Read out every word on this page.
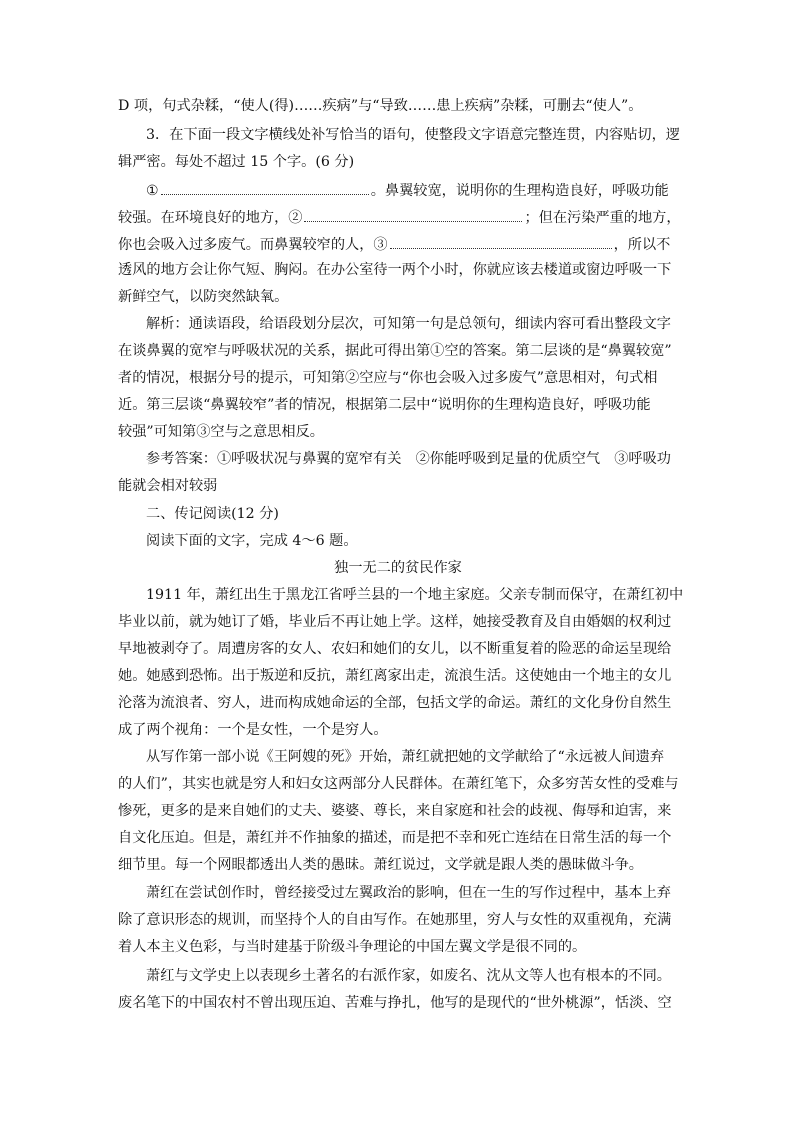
D 项，句式杂糅，“使人(得)……疾病”与“导致……患上疾病”杂糅，可删去“使人”。
3．在下面一段文字横线处补写恰当的语句，使整段文字语意完整连贯，内容贴切，逻
辑严密。每处不超过 15 个字。(6 分)
①	。鼻翼较宽，说明你的生理构造良好，呼吸功能
较强。在环境良好的地方，②	；但在污染严重的地方，
你也会吸入过多废气。而鼻翼较窄的人，③	，所以不
透风的地方会让你气短、胸闷。在办公室待一两个小时，你就应该去楼道或窗边呼吸一下
新鲜空气，以防突然缺氧。
解析：通读语段，给语段划分层次，可知第一句是总领句，细读内容可看出整段文字
在谈鼻翼的宽窄与呼吸状况的关系，据此可得出第①空的答案。第二层谈的是“鼻翼较宽”
者的情况，根据分号的提示，可知第②空应与“你也会吸入过多废气”意思相对，句式相
近。第三层谈“鼻翼较窄”者的情况，根据第二层中“说明你的生理构造良好，呼吸功能
较强”可知第③空与之意思相反。
参考答案：①呼吸状况与鼻翼的宽窄有关　②你能呼吸到足量的优质空气　③呼吸功
能就会相对较弱
二、传记阅读(12 分)
阅读下面的文字，完成 4～6 题。
独一无二的贫民作家
1911 年，萧红出生于黑龙江省呼兰县的一个地主家庭。父亲专制而保守，在萧红初中
毕业以前，就为她订了婚，毕业后不再让她上学。这样，她接受教育及自由婚姻的权利过
早地被剥夺了。周遭房客的女人、农妇和她们的女儿，以不断重复着的险恶的命运呈现给
她。她感到恐怖。出于叛逆和反抗，萧红离家出走，流浪生活。这使她由一个地主的女儿
沦落为流浪者、穷人，进而构成她命运的全部，包括文学的命运。萧红的文化身份自然生
成了两个视角：一个是女性，一个是穷人。
从写作第一部小说《王阿嫂的死》开始，萧红就把她的文学献给了“永远被人间遗弃
的人们”，其实也就是穷人和妇女这两部分人民群体。在萧红笔下，众多穷苦女性的受难与
惨死，更多的是来自她们的丈夫、婆婆、尊长，来自家庭和社会的歧视、侮辱和迫害，来
自文化压迫。但是，萧红并不作抽象的描述，而是把不幸和死亡连结在日常生活的每一个
细节里。每一个网眼都透出人类的愚昧。萧红说过，文学就是跟人类的愚昧做斗争。
萧红在尝试创作时，曾经接受过左翼政治的影响，但在一生的写作过程中，基本上弃
除了意识形态的规训，而坚持个人的自由写作。在她那里，穷人与女性的双重视角，充满
着人本主义色彩，与当时建基于阶级斗争理论的中国左翼文学是很不同的。
萧红与文学史上以表现乡土著名的右派作家，如废名、沈从文等人也有根本的不同。
废名笔下的中国农村不曾出现压迫、苦难与挣扎，他写的是现代的“世外桃源”，恬淡、空
